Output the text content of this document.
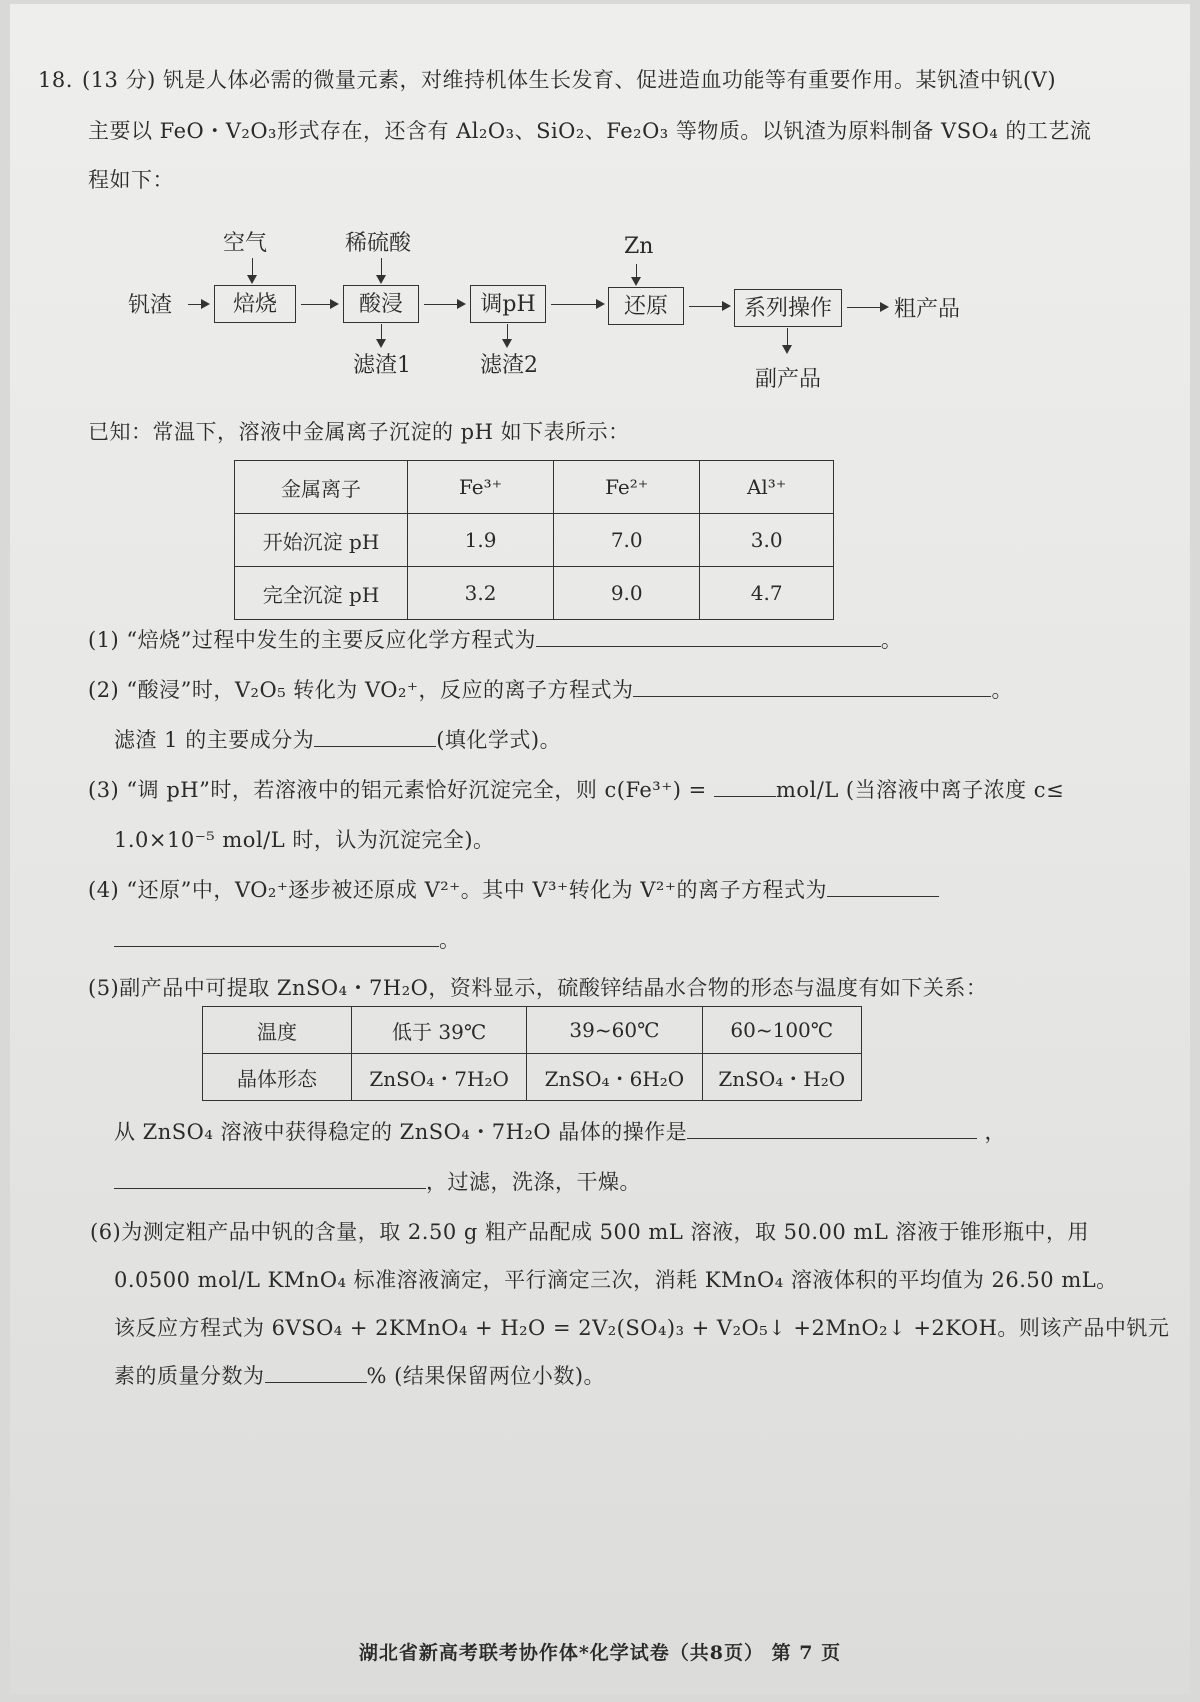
18. (13 分) 钒是人体必需的微量元素，对维持机体生长发育、促进造血功能等有重要作用。某钒渣中钒(V)
主要以 FeO・V₂O₃形式存在，还含有 Al₂O₃、SiO₂、Fe₂O₃ 等物质。以钒渣为原料制备 VSO₄ 的工艺流
程如下：
钒渣
空气
焙烧
稀硫酸
酸浸
滤渣1
调pH
滤渣2
Zn
还原	系列操作
副产品
粗产品
已知：常温下，溶液中金属离子沉淀的 pH 如下表所示：
金属离子	Fe³⁺	Fe²⁺	Al³⁺
开始沉淀 pH	1.9	7.0	3.0
完全沉淀 pH	3.2	9.0	4.7
(1) “焙烧”过程中发生的主要反应化学方程式为	。
(2) “酸浸”时，V₂O₅ 转化为 VO₂⁺，反应的离子方程式为	。
滤渣 1 的主要成分为	(填化学式)。
(3) “调 pH”时，若溶液中的铝元素恰好沉淀完全，则 c(Fe³⁺) =	mol/L (当溶液中离子浓度 c≤
1.0×10⁻⁵ mol/L 时，认为沉淀完全)。
(4) “还原”中，VO₂⁺逐步被还原成 V²⁺。其中 V³⁺转化为 V²⁺的离子方程式为
。
(5)副产品中可提取 ZnSO₄・7H₂O，资料显示，硫酸锌结晶水合物的形态与温度有如下关系：
温度	低于 39℃	39~60℃	60~100℃
晶体形态	ZnSO₄・7H₂O	ZnSO₄・6H₂O	ZnSO₄・H₂O
从 ZnSO₄ 溶液中获得稳定的 ZnSO₄・7H₂O 晶体的操作是	，
，过滤，洗涤，干燥。
(6)为测定粗产品中钒的含量，取 2.50 g 粗产品配成 500 mL 溶液，取 50.00 mL 溶液于锥形瓶中，用
0.0500 mol/L KMnO₄ 标准溶液滴定，平行滴定三次，消耗 KMnO₄ 溶液体积的平均值为 26.50 mL。
该反应方程式为 6VSO₄ + 2KMnO₄ + H₂O = 2V₂(SO₄)₃ + V₂O₅↓ +2MnO₂↓ +2KOH。则该产品中钒元
素的质量分数为	% (结果保留两位小数)。
湖北省新高考联考协作体*化学试卷（共8页） 第 7 页
